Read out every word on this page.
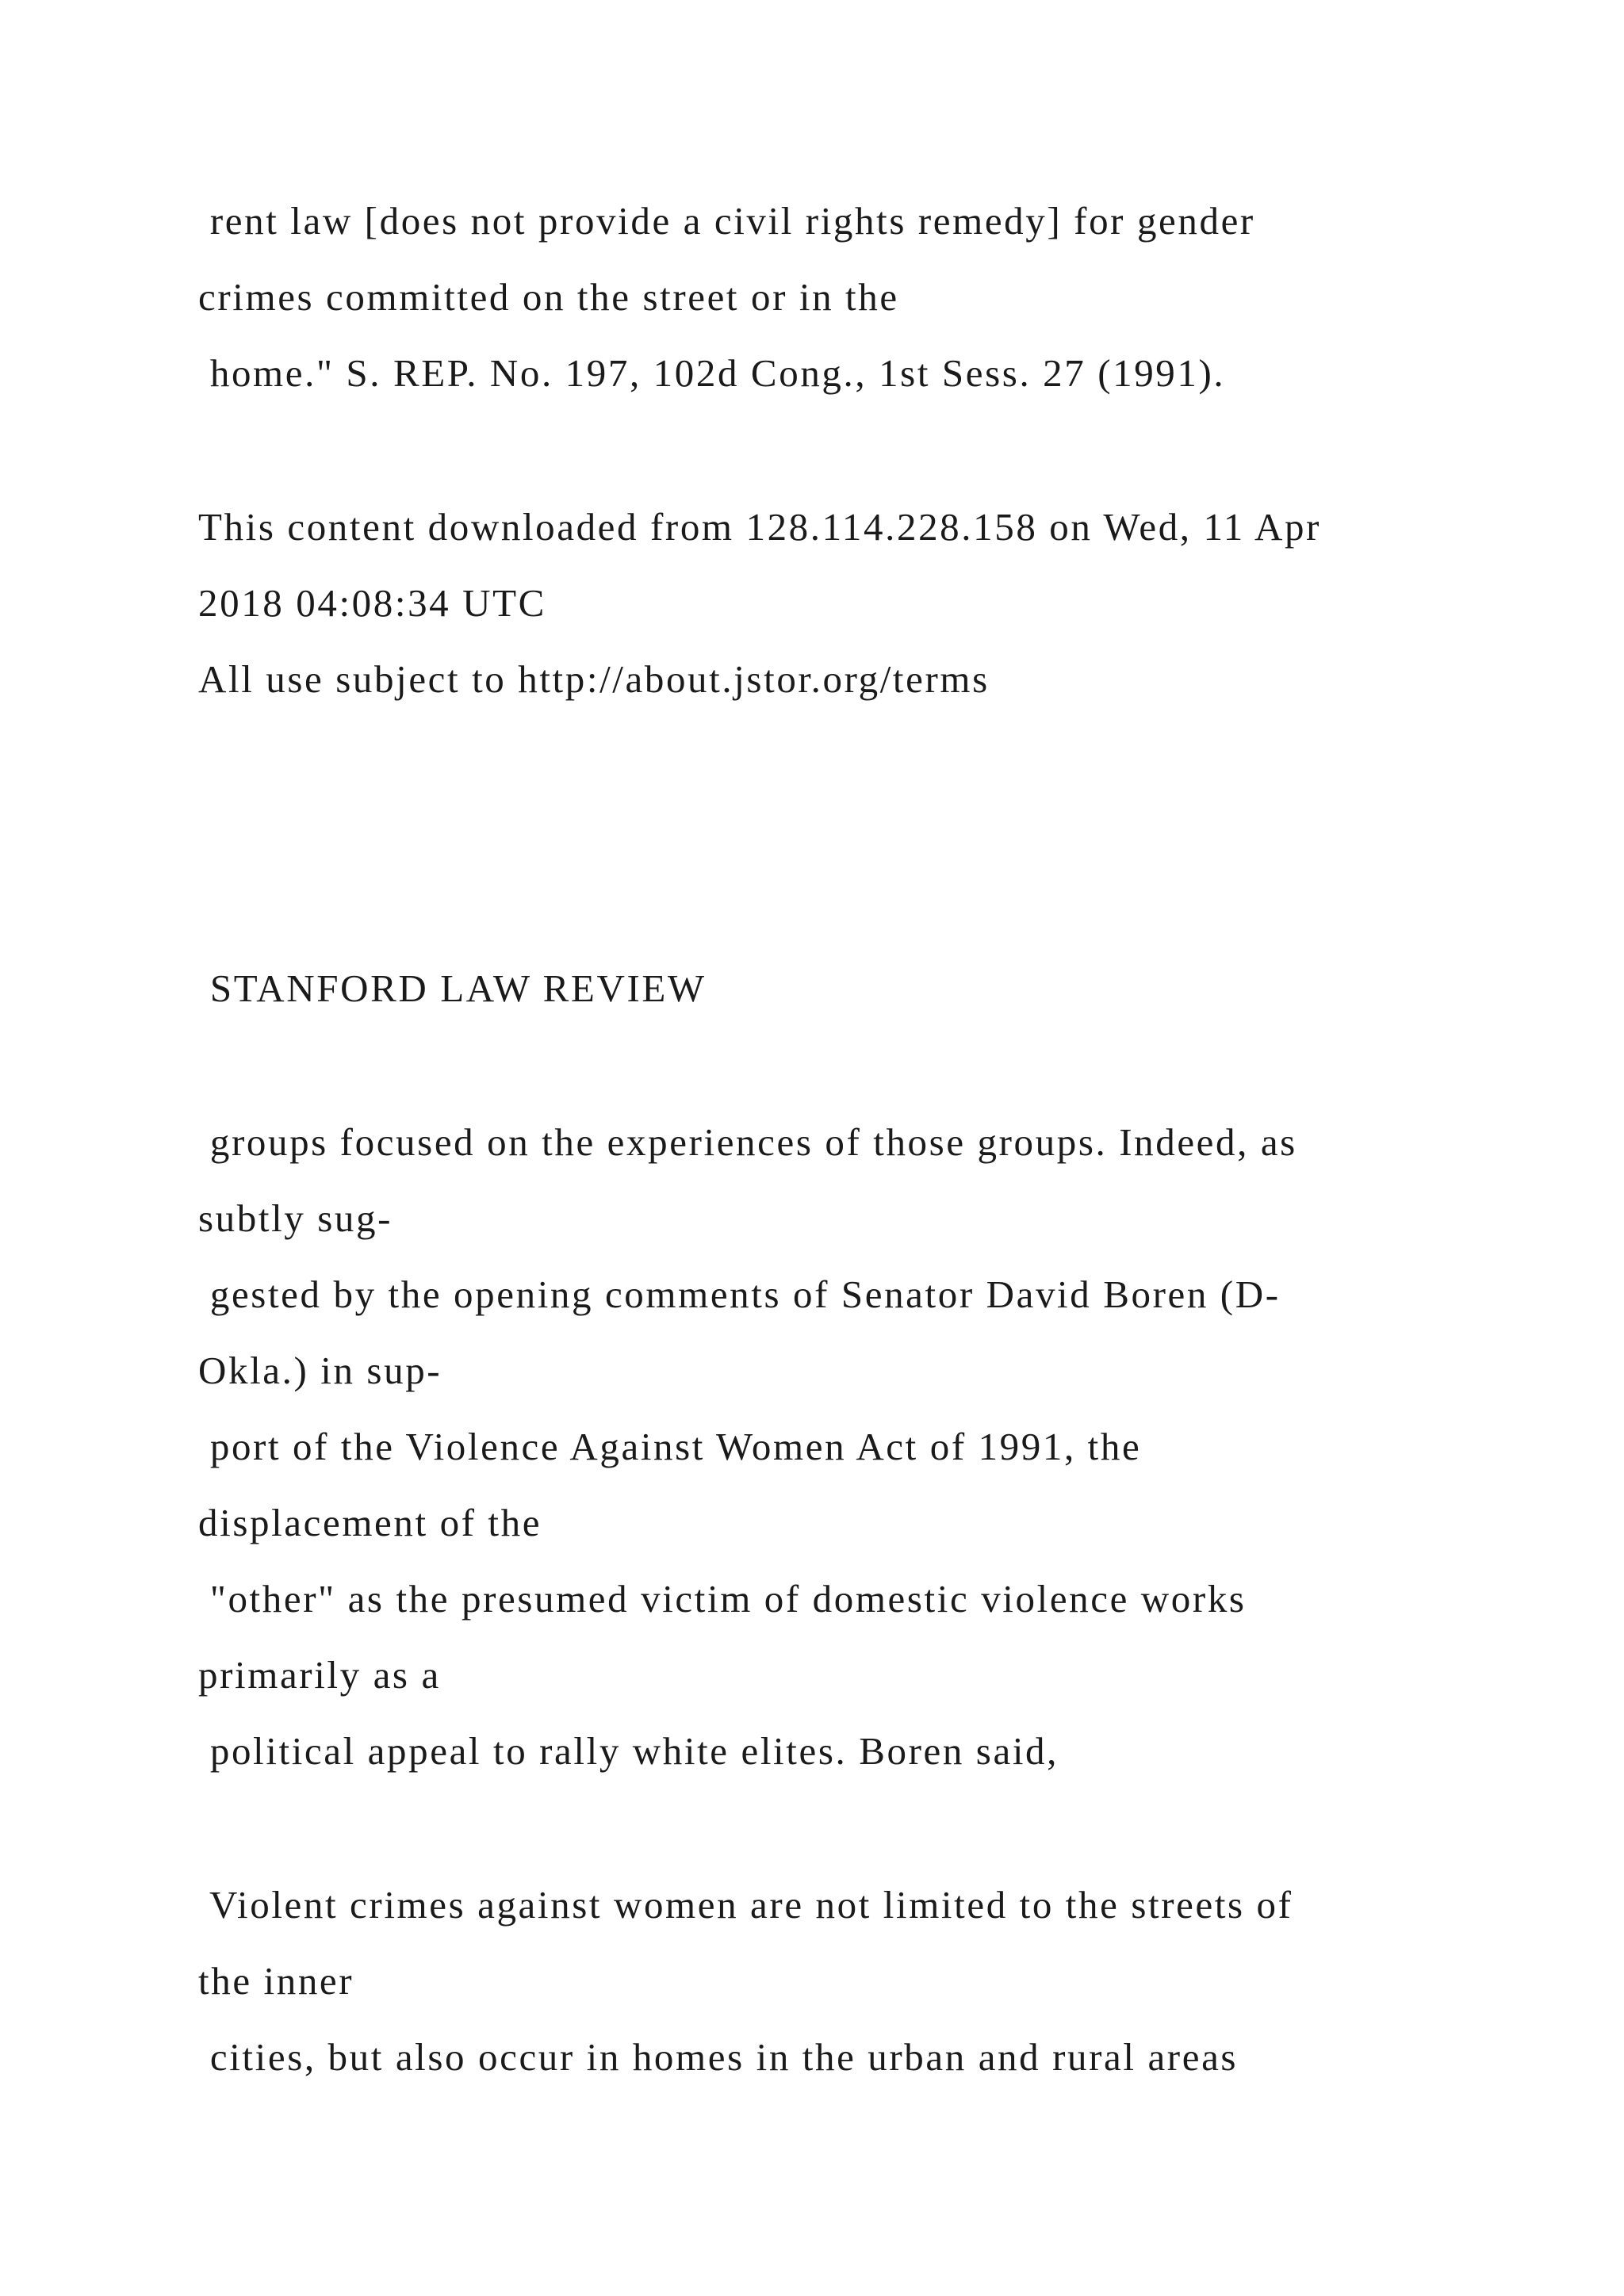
rent law [does not provide a civil rights remedy] for gender
crimes committed on the street or in the
home." S. REP. No. 197, 102d Cong., 1st Sess. 27 (1991).
This content downloaded from 128.114.228.158 on Wed, 11 Apr
2018 04:08:34 UTC
All use subject to http://about.jstor.org/terms
STANFORD LAW REVIEW
groups focused on the experiences of those groups. Indeed, as
subtly sug-
gested by the opening comments of Senator David Boren (D-
Okla.) in sup-
port of the Violence Against Women Act of 1991, the
displacement of the
"other" as the presumed victim of domestic violence works
primarily as a
political appeal to rally white elites. Boren said,
Violent crimes against women are not limited to the streets of
the inner
cities, but also occur in homes in the urban and rural areas
